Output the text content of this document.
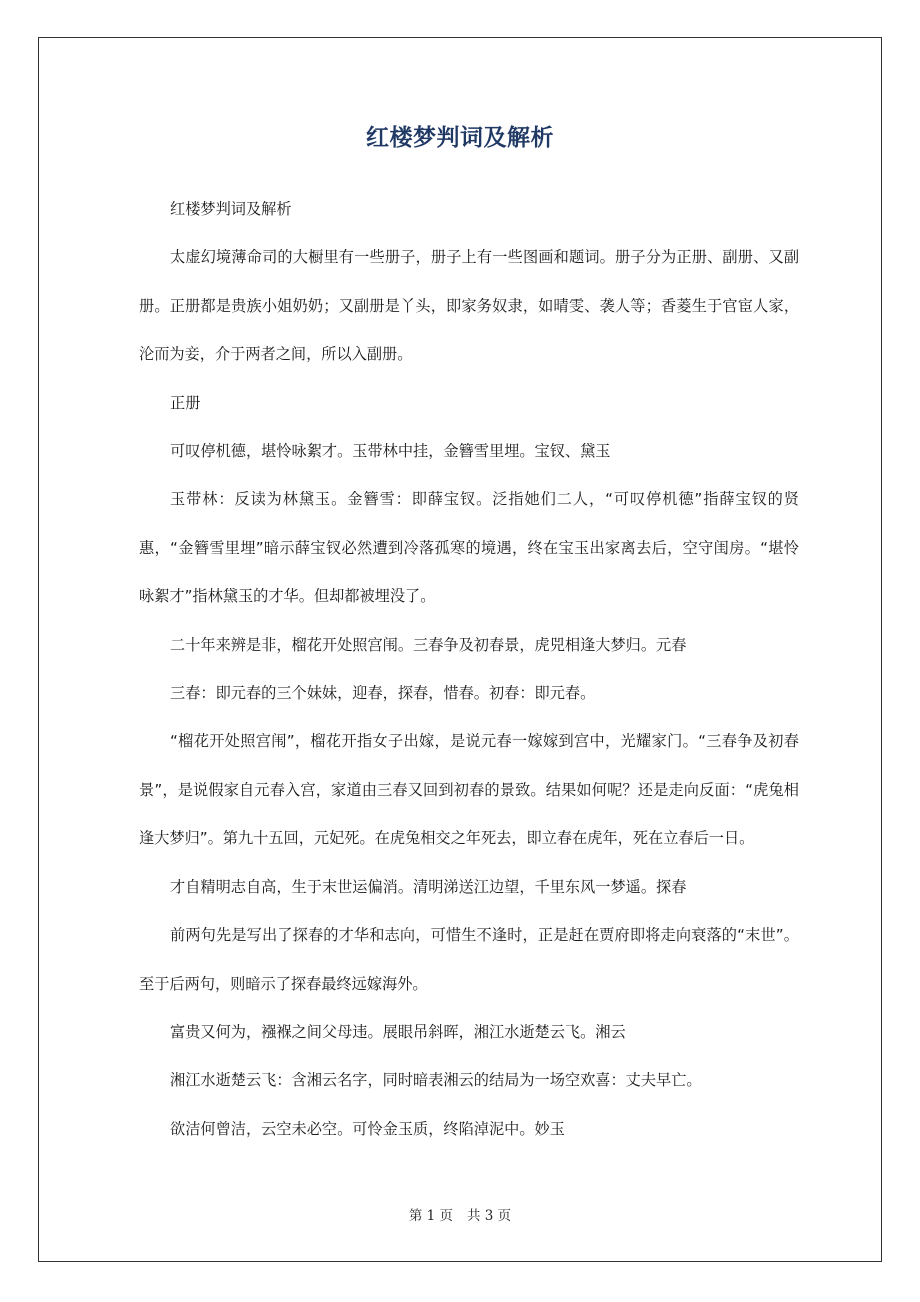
红楼梦判词及解析

红楼梦判词及解析

太虚幻境薄命司的大橱里有一些册子，册子上有一些图画和题词。册子分为正册、副册、又副册。正册都是贵族小姐奶奶；又副册是丫头，即家务奴隶，如晴雯、袭人等；香菱生于官宦人家，沦而为妾，介于两者之间，所以入副册。

正册

可叹停机德，堪怜咏絮才。玉带林中挂，金簪雪里埋。宝钗、黛玉

玉带林：反读为林黛玉。金簪雪：即薛宝钗。泛指她们二人，“可叹停机德”指薛宝钗的贤惠，“金簪雪里埋”暗示薛宝钗必然遭到冷落孤寒的境遇，终在宝玉出家离去后，空守闺房。“堪怜咏絮才”指林黛玉的才华。但却都被埋没了。

二十年来辨是非，榴花开处照宫闱。三春争及初春景，虎兕相逢大梦归。元春

三春：即元春的三个妹妹，迎春，探春，惜春。初春：即元春。

“榴花开处照宫闱”，榴花开指女子出嫁，是说元春一嫁嫁到宫中，光耀家门。“三春争及初春景”，是说假家自元春入宫，家道由三春又回到初春的景致。结果如何呢？还是走向反面：“虎兔相逢大梦归”。第九十五回，元妃死。在虎兔相交之年死去，即立春在虎年，死在立春后一日。

才自精明志自高，生于末世运偏消。清明涕送江边望，千里东风一梦遥。探春

前两句先是写出了探春的才华和志向，可惜生不逢时，正是赶在贾府即将走向衰落的“末世”。至于后两句，则暗示了探春最终远嫁海外。

富贵又何为，襁褓之间父母违。展眼吊斜晖，湘江水逝楚云飞。湘云

湘江水逝楚云飞：含湘云名字，同时暗表湘云的结局为一场空欢喜：丈夫早亡。

欲洁何曾洁，云空未必空。可怜金玉质，终陷淖泥中。妙玉

第 1 页 共 3 页
